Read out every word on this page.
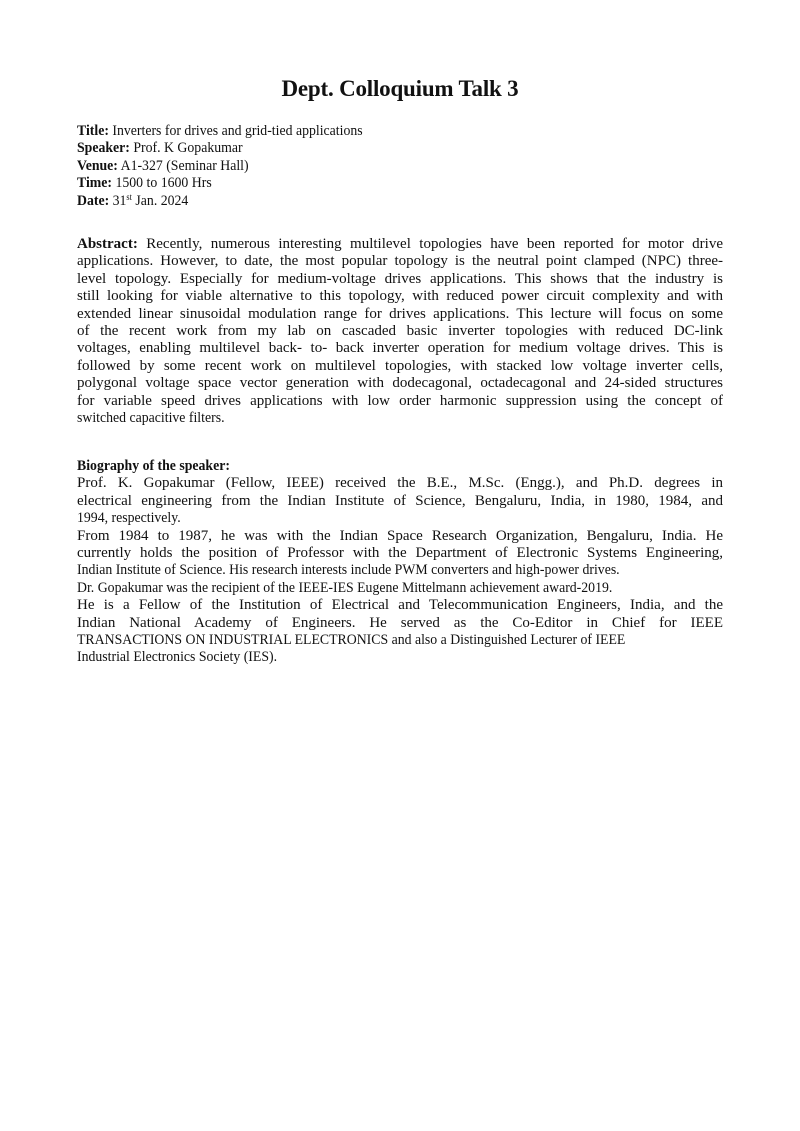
Dept. Colloquium Talk 3
Title: Inverters for drives and grid-tied applications
Speaker: Prof. K Gopakumar
Venue: A1-327 (Seminar Hall)
Time: 1500 to 1600 Hrs
Date: 31st Jan. 2024
Abstract: Recently, numerous interesting multilevel topologies have been reported for motor drive
applications. However, to date, the most popular topology is the neutral point clamped (NPC) three-
level topology. Especially for medium-voltage drives applications. This shows that the industry is
still looking for viable alternative to this topology, with reduced power circuit complexity and with
extended linear sinusoidal modulation range for drives applications. This lecture will focus on some
of the recent work from my lab on cascaded basic inverter topologies with reduced DC-link
voltages, enabling multilevel back- to- back inverter operation for medium voltage drives. This is
followed by some recent work on multilevel topologies, with stacked low voltage inverter cells,
polygonal voltage space vector generation with dodecagonal, octadecagonal and 24-sided structures
for variable speed drives applications with low order harmonic suppression using the concept of
switched capacitive filters.
Biography of the speaker:
Prof. K. Gopakumar (Fellow, IEEE) received the B.E., M.Sc. (Engg.), and Ph.D. degrees in
electrical engineering from the Indian Institute of Science, Bengaluru, India, in 1980, 1984, and
1994, respectively.
From 1984 to 1987, he was with the Indian Space Research Organization, Bengaluru, India. He
currently holds the position of Professor with the Department of Electronic Systems Engineering,
Indian Institute of Science. His research interests include PWM converters and high-power drives.
Dr. Gopakumar was the recipient of the IEEE-IES Eugene Mittelmann achievement award-2019.
He is a Fellow of the Institution of Electrical and Telecommunication Engineers, India, and the
Indian National Academy of Engineers. He served as the Co-Editor in Chief for IEEE
TRANSACTIONS ON INDUSTRIAL ELECTRONICS and also a Distinguished Lecturer of IEEE
Industrial Electronics Society (IES).
